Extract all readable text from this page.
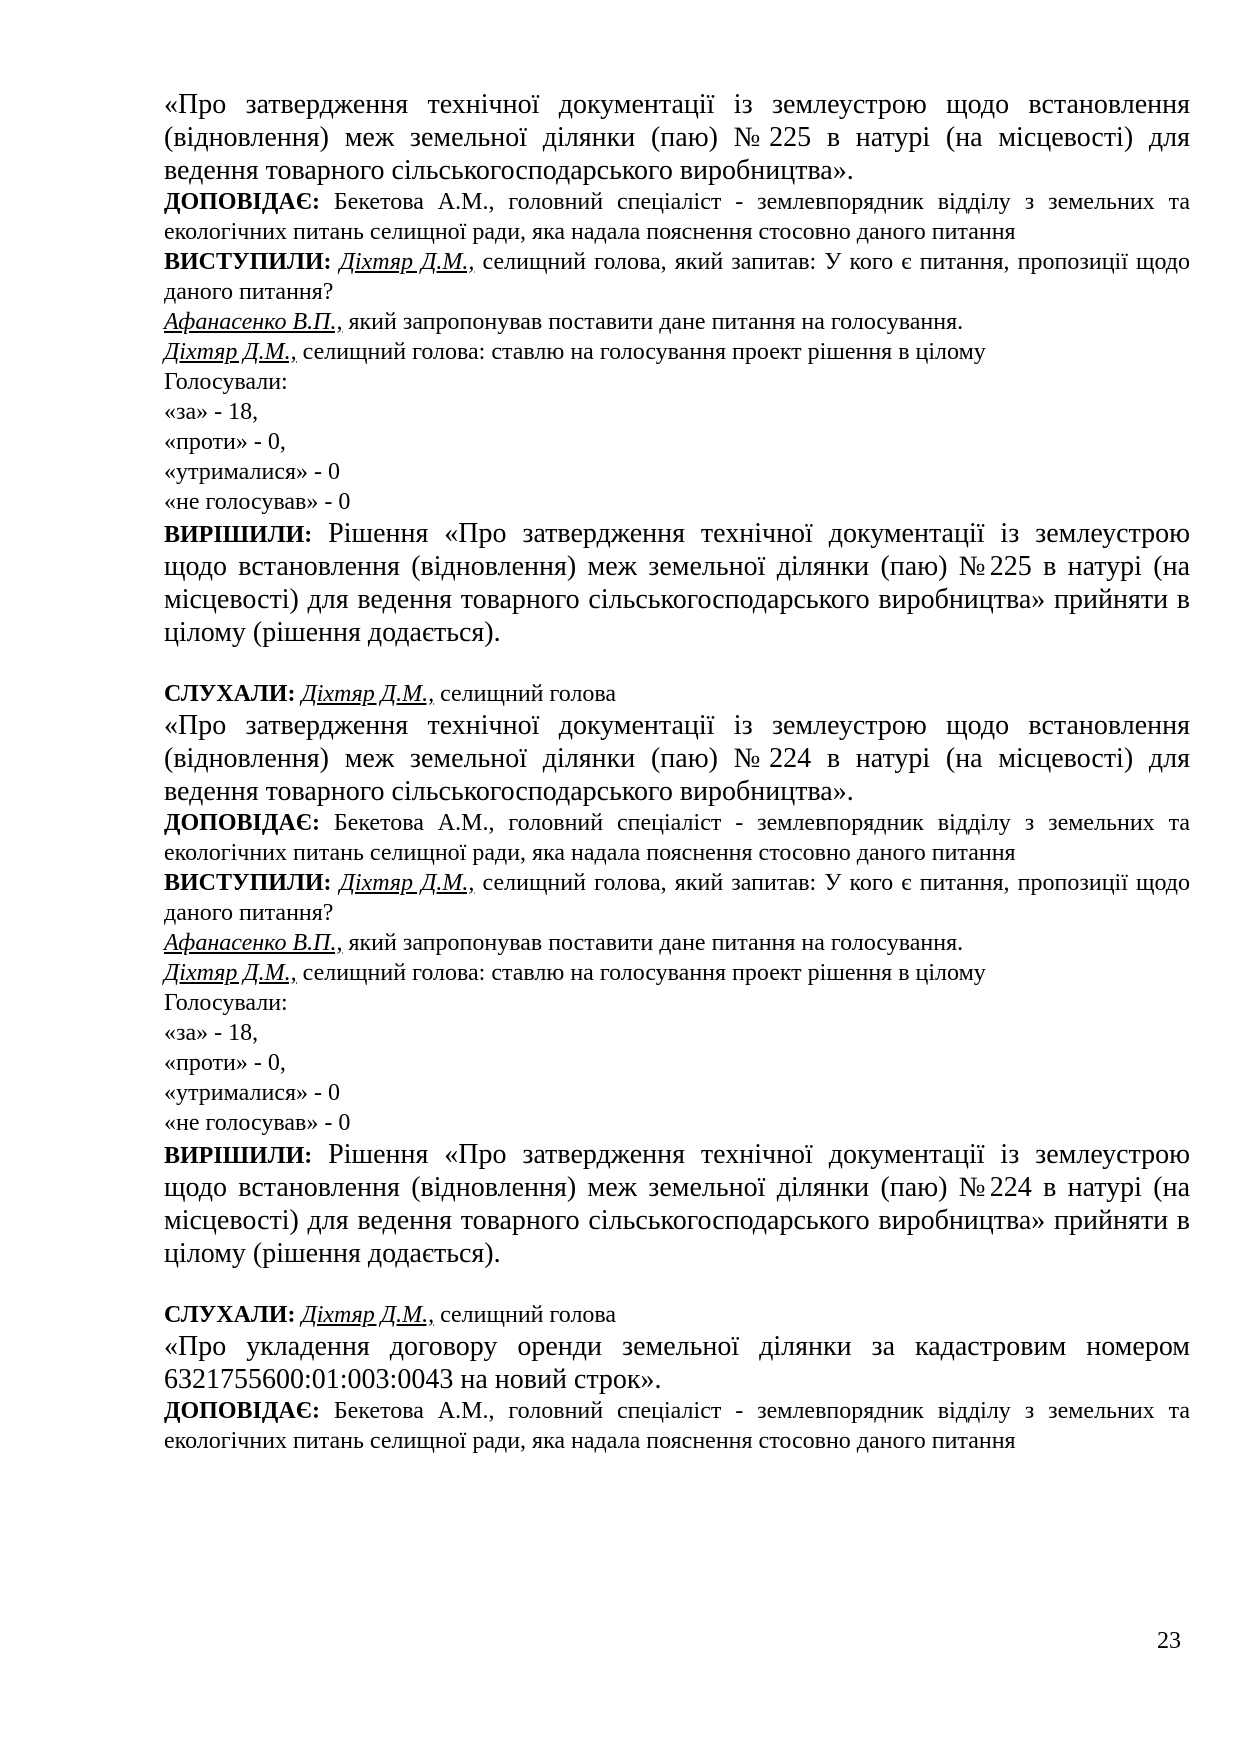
«Про затвердження технічної документації із землеустрою щодо встановлення (відновлення) меж земельної ділянки (паю) №225 в натурі (на місцевості) для ведення товарного сільськогосподарського виробництва».

ДОПОВІДАЄ: Бекетова А.М., головний спеціаліст - землевпорядник відділу з земельних та екологічних питань селищної ради, яка надала пояснення стосовно даного питання

ВИСТУПИЛИ: Діхтяр Д.М., селищний голова, який запитав: У кого є питання, пропозиції щодо даного питання?

Афанасенко В.П., який запропонував поставити дане питання на голосування.

Діхтяр Д.М., селищний голова: ставлю на голосування проект рішення в цілому

Голосували:
«за» - 18,
«проти» - 0,
«утрималися» - 0
«не голосував» - 0

ВИРІШИЛИ: Рішення «Про затвердження технічної документації із землеустрою щодо встановлення (відновлення) меж земельної ділянки (паю) №225 в натурі (на місцевості) для ведення товарного сільськогосподарського виробництва» прийняти в цілому (рішення додається).

СЛУХАЛИ: Діхтяр Д.М., селищний голова

«Про затвердження технічної документації із землеустрою щодо встановлення (відновлення) меж земельної ділянки (паю) №224 в натурі (на місцевості) для ведення товарного сільськогосподарського виробництва».

ДОПОВІДАЄ: Бекетова А.М., головний спеціаліст - землевпорядник відділу з земельних та екологічних питань селищної ради, яка надала пояснення стосовно даного питання

ВИСТУПИЛИ: Діхтяр Д.М., селищний голова, який запитав: У кого є питання, пропозиції щодо даного питання?

Афанасенко В.П., який запропонував поставити дане питання на голосування.

Діхтяр Д.М., селищний голова: ставлю на голосування проект рішення в цілому

Голосували:
«за» - 18,
«проти» - 0,
«утрималися» - 0
«не голосував» - 0

ВИРІШИЛИ: Рішення «Про затвердження технічної документації із землеустрою щодо встановлення (відновлення) меж земельної ділянки (паю) №224 в натурі (на місцевості) для ведення товарного сільськогосподарського виробництва» прийняти в цілому (рішення додається).

СЛУХАЛИ: Діхтяр Д.М., селищний голова

«Про укладення договору оренди земельної ділянки за кадастровим номером 6321755600:01:003:0043 на новий строк».

ДОПОВІДАЄ: Бекетова А.М., головний спеціаліст - землевпорядник відділу з земельних та екологічних питань селищної ради, яка надала пояснення стосовно даного питання

23
